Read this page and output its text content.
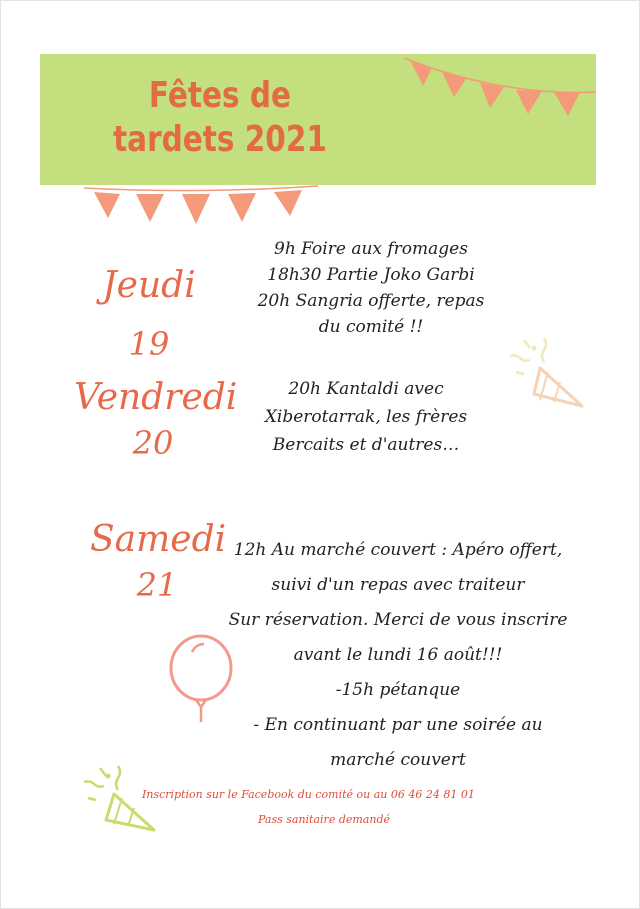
Fêtes de
tardets 2021

Jeudi

19

9h Foire aux fromages
18h30 Partie Joko Garbi
20h Sangria offerte, repas
du comité !!

Vendredi

20

20h Kantaldi avec
Xiberotarrak, les frères
Bercaits et d'autres…

Samedi

21

12h Au marché couvert : Apéro offert,
suivi d'un repas avec traiteur
Sur réservation. Merci de vous inscrire
avant le lundi 16 août!!!
-15h pétanque
- En continuant par une soirée au
marché couvert

Inscription sur le Facebook du comité ou au 06 46 24 81 01

Pass sanitaire demandé
